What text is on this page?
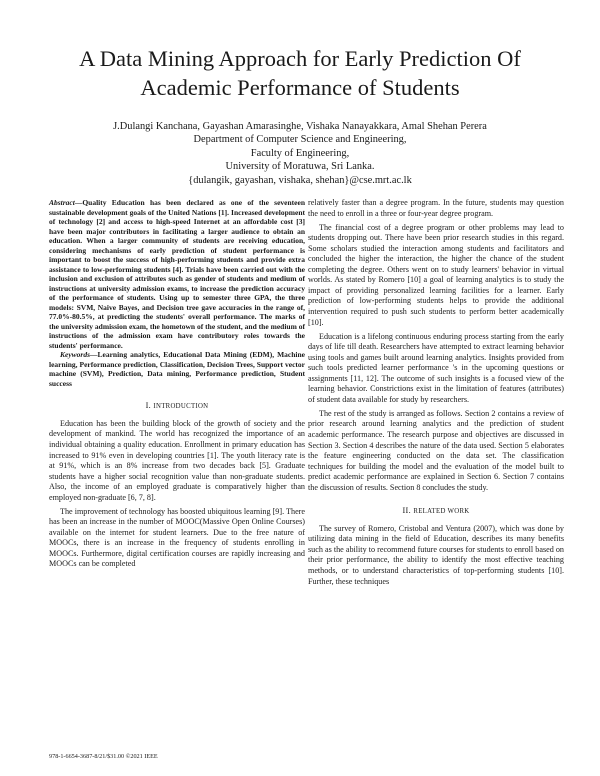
A Data Mining Approach for Early Prediction Of
Academic Performance of Students
J.Dulangi Kanchana, Gayashan Amarasinghe, Vishaka Nanayakkara, Amal Shehan Perera
Department of Computer Science and Engineering,
Faculty of Engineering,
University of Moratuwa, Sri Lanka.
{dulangik, gayashan, vishaka, shehan}@cse.mrt.ac.lk

Abstract—Quality Education has been declared as one of the seventeen sustainable development goals of the United Nations [1]. Increased development of technology [2] and access to high-speed Internet at an affordable cost [3] have been major contributors in facilitating a larger audience to obtain an education. When a larger community of students are receiving education, considering mechanisms of early prediction of student performance is important to boost the success of high-performing students and provide extra assistance to low-performing students [4]. Trials have been carried out with the inclusion and exclusion of attributes such as gender of students and medium of instructions at university admission exams, to increase the prediction accuracy of the performance of students. Using up to semester three GPA, the three models: SVM, Naive Bayes, and Decision tree gave accuracies in the range of, 77.0%-80.5%, at predicting the students' overall performance. The marks of the university admission exam, the hometown of the student, and the medium of instructions of the admission exam have contributory roles towards the students' performance.

Keywords—Learning analytics, Educational Data Mining (EDM), Machine learning, Performance prediction, Classification, Decision Trees, Support vector machine (SVM), Prediction, Data mining, Performance prediction, Student success

I. INTRODUCTION

Education has been the building block of the growth of society and the development of mankind. The world has recognized the importance of an individual obtaining a quality education. Enrollment in primary education has increased to 91% even in developing countries [1]. The youth literacy rate is at 91%, which is an 8% increase from two decades back [5]. Graduate students have a higher social recognition value than non-graduate students. Also, the income of an employed graduate is comparatively higher than employed non-graduate [6, 7, 8].

The improvement of technology has boosted ubiquitous learning [9]. There has been an increase in the number of MOOC(Massive Open Online Courses) available on the internet for student learners. Due to the free nature of MOOCs, there is an increase in the frequency of students enrolling in MOOCs. Furthermore, digital certification courses are rapidly increasing and MOOCs can be completed

relatively faster than a degree program. In the future, students may question the need to enroll in a three or four-year degree program.

The financial cost of a degree program or other problems may lead to students dropping out. There have been prior research studies in this regard. Some scholars studied the interaction among students and facilitators and concluded the higher the interaction, the higher the chance of the student completing the degree. Others went on to study learners' behavior in virtual worlds. As stated by Romero [10] a goal of learning analytics is to study the impact of providing personalized learning facilities for a learner. Early prediction of low-performing students helps to provide the additional intervention required to push such students to perform better academically [10].

Education is a lifelong continuous enduring process starting from the early days of life till death. Researchers have attempted to extract learning behavior using tools and games built around learning analytics. Insights provided from such tools predicted learner performance 's in the upcoming questions or assignments [11, 12]. The outcome of such insights is a focused view of the learning behavior. Constrictions exist in the limitation of features (attributes) of student data available for study by researchers.

The rest of the study is arranged as follows. Section 2 contains a review of prior research around learning analytics and the prediction of student academic performance. The research purpose and objectives are discussed in Section 3. Section 4 describes the nature of the data used. Section 5 elaborates the feature engineering conducted on the data set. The classification techniques for building the model and the evaluation of the model built to predict academic performance are explained in Section 6. Section 7 contains the discussion of results. Section 8 concludes the study.

II. RELATED WORK

The survey of Romero, Cristobal and Ventura (2007), which was done by utilizing data mining in the field of Education, describes its many benefits such as the ability to recommend future courses for students to enroll based on their prior performance, the ability to identify the most effective teaching methods, or to understand characteristics of top-performing students [10]. Further, these techniques

978-1-6654-3687-8/21/$31.00 ©2021 IEEE
